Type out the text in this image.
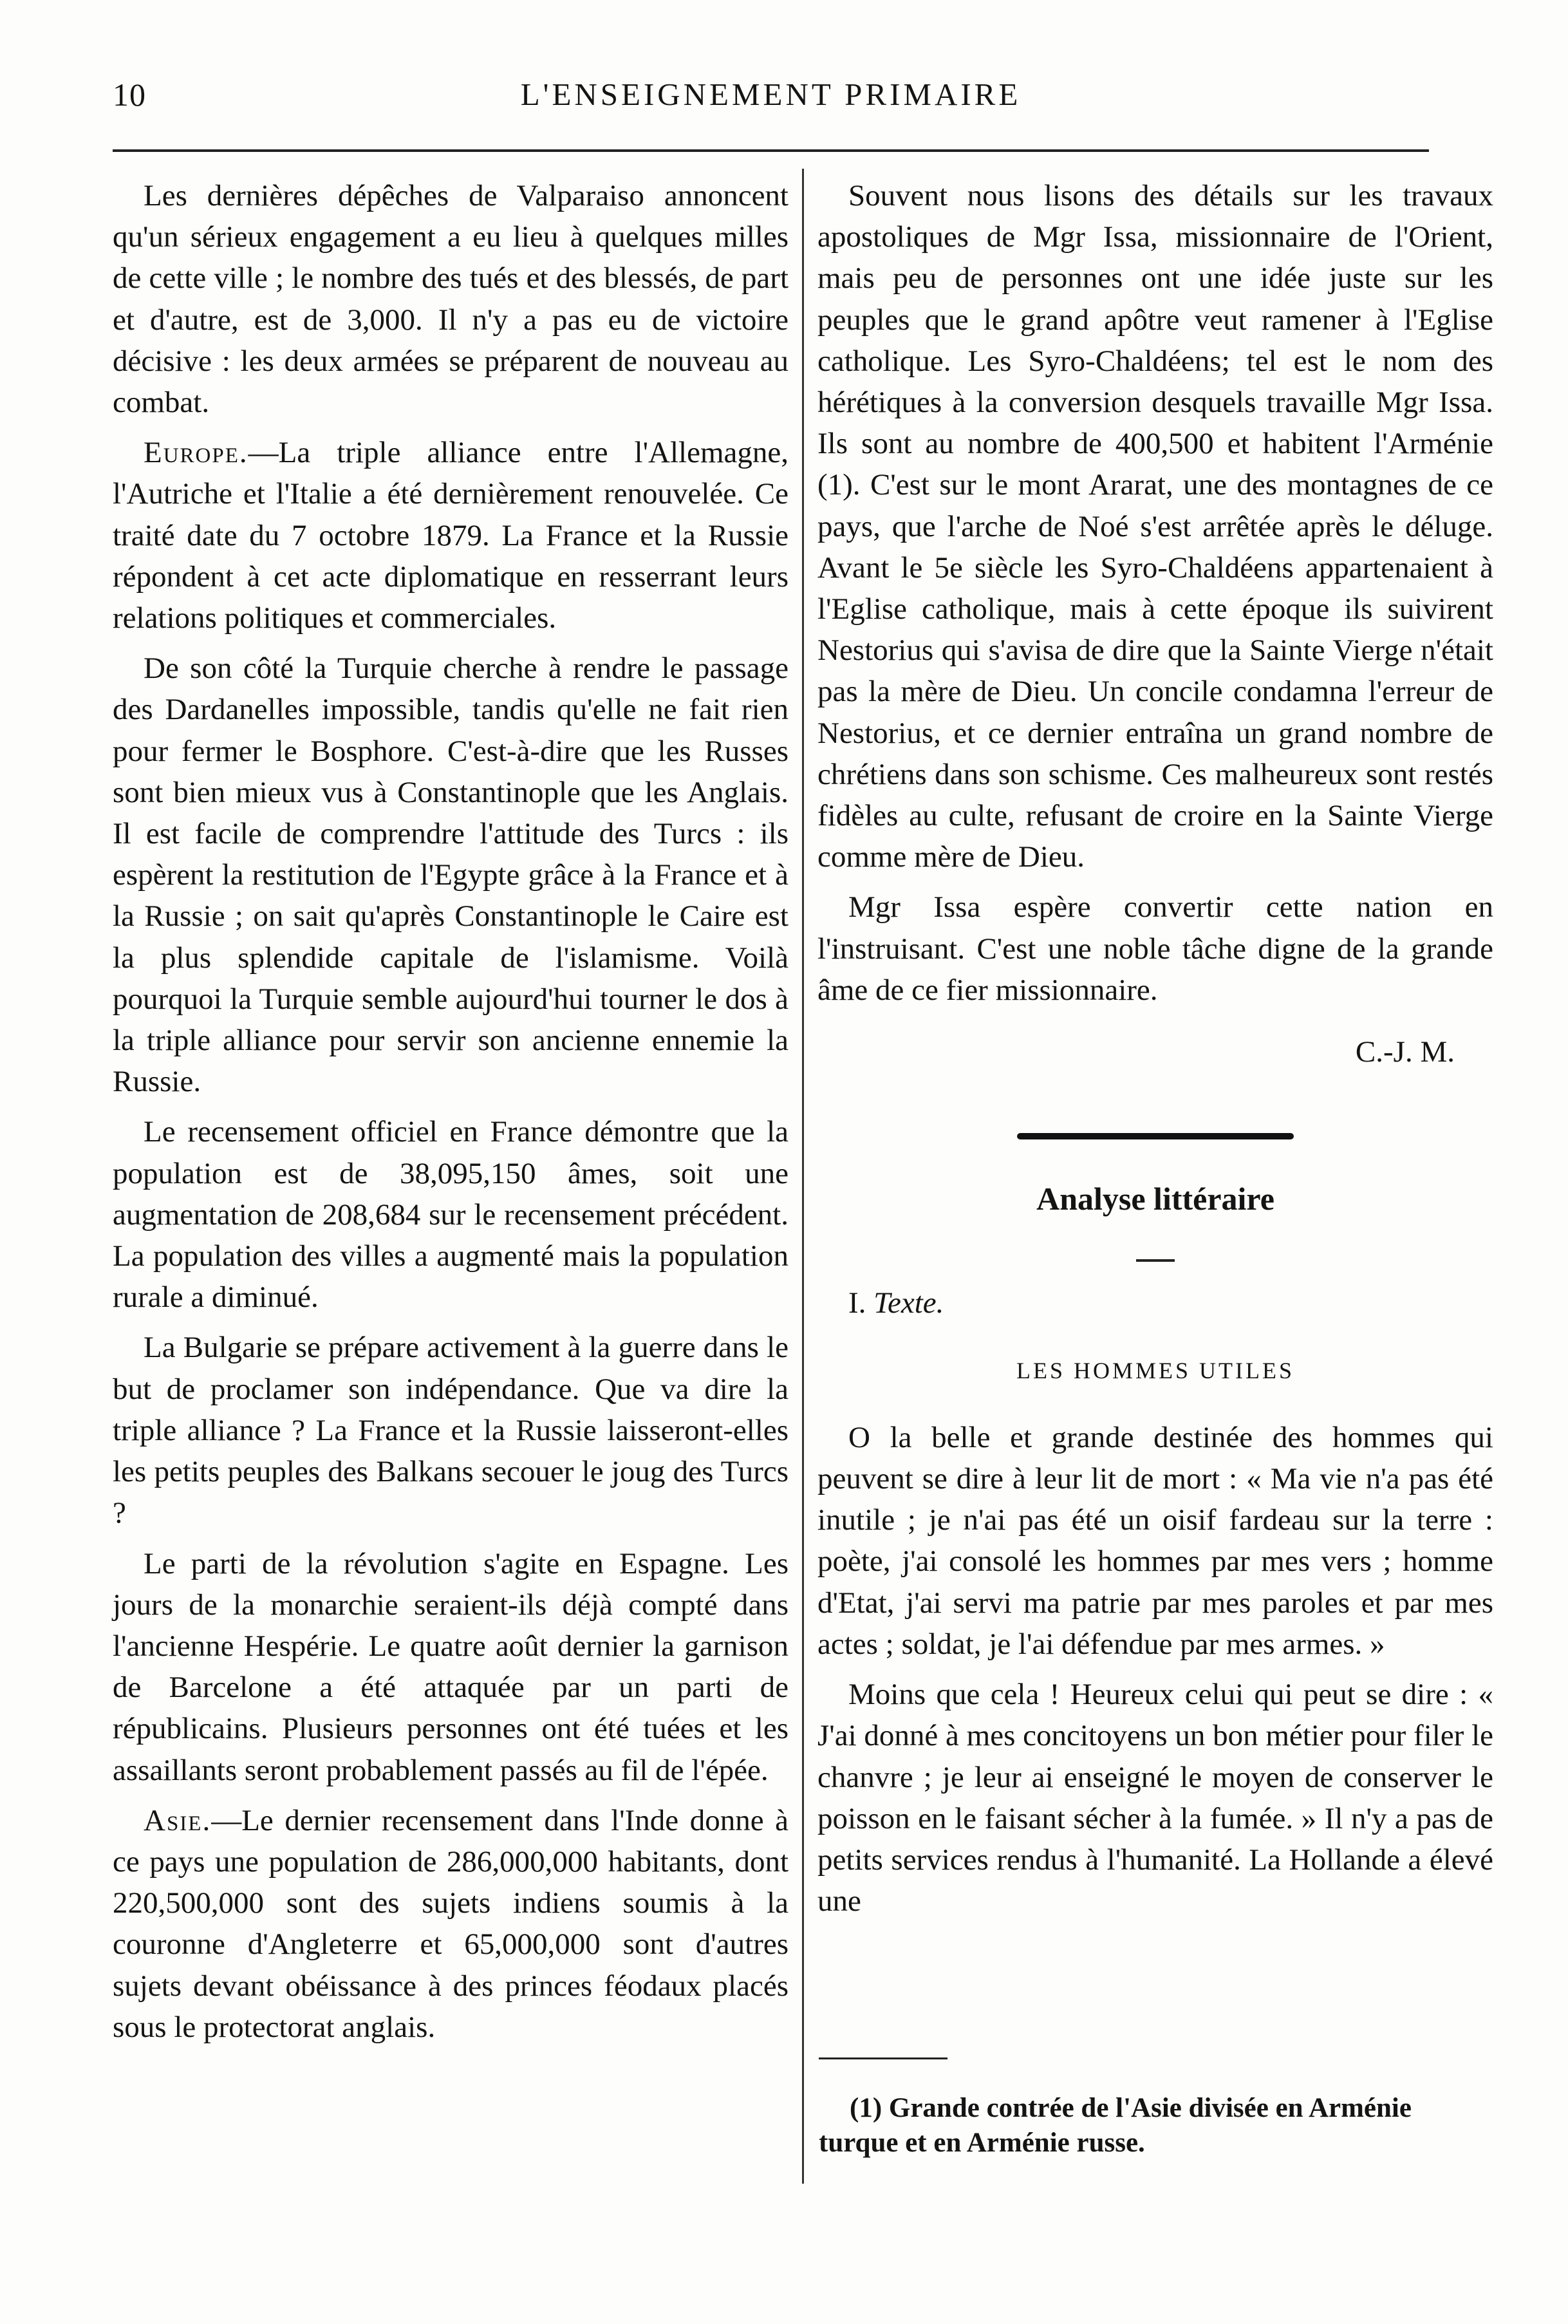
10	L'ENSEIGNEMENT PRIMAIRE

Les dernières dépêches de Valparaiso annoncent qu'un sérieux engagement a eu lieu à quelques milles de cette ville ; le nombre des tués et des blessés, de part et d'autre, est de 3,000. Il n'y a pas eu de victoire décisive : les deux armées se préparent de nouveau au combat.

Europe.—La triple alliance entre l'Allemagne, l'Autriche et l'Italie a été dernièrement renouvelée. Ce traité date du 7 octobre 1879. La France et la Russie répondent à cet acte diplomatique en resserrant leurs relations politiques et commerciales.

De son côté la Turquie cherche à rendre le passage des Dardanelles impossible, tandis qu'elle ne fait rien pour fermer le Bosphore. C'est-à-dire que les Russes sont bien mieux vus à Constantinople que les Anglais. Il est facile de comprendre l'attitude des Turcs : ils espèrent la restitution de l'Egypte grâce à la France et à la Russie ; on sait qu'après Constantinople le Caire est la plus splendide capitale de l'islamisme. Voilà pourquoi la Turquie semble aujourd'hui tourner le dos à la triple alliance pour servir son ancienne ennemie la Russie.

Le recensement officiel en France démontre que la population est de 38,095,150 âmes, soit une augmentation de 208,684 sur le recensement précédent. La population des villes a augmenté mais la population rurale a diminué.

La Bulgarie se prépare activement à la guerre dans le but de proclamer son indépendance. Que va dire la triple alliance ? La France et la Russie laisseront-elles les petits peuples des Balkans secouer le joug des Turcs ?

Le parti de la révolution s'agite en Espagne. Les jours de la monarchie seraient-ils déjà compté dans l'ancienne Hespérie. Le quatre août dernier la garnison de Barcelone a été attaquée par un parti de républicains. Plusieurs personnes ont été tuées et les assaillants seront probablement passés au fil de l'épée.

Asie.—Le dernier recensement dans l'Inde donne à ce pays une population de 286,000,000 habitants, dont 220,500,000 sont des sujets indiens soumis à la couronne d'Angleterre et 65,000,000 sont d'autres sujets devant obéissance à des princes féodaux placés sous le protectorat anglais.

Souvent nous lisons des détails sur les travaux apostoliques de Mgr Issa, missionnaire de l'Orient, mais peu de personnes ont une idée juste sur les peuples que le grand apôtre veut ramener à l'Eglise catholique. Les Syro-Chaldéens; tel est le nom des hérétiques à la conversion desquels travaille Mgr Issa. Ils sont au nombre de 400,500 et habitent l'Arménie (1). C'est sur le mont Ararat, une des montagnes de ce pays, que l'arche de Noé s'est arrêtée après le déluge. Avant le 5e siècle les Syro-Chaldéens appartenaient à l'Eglise catholique, mais à cette époque ils suivirent Nestorius qui s'avisa de dire que la Sainte Vierge n'était pas la mère de Dieu. Un concile condamna l'erreur de Nestorius, et ce dernier entraîna un grand nombre de chrétiens dans son schisme. Ces malheureux sont restés fidèles au culte, refusant de croire en la Sainte Vierge comme mère de Dieu.

Mgr Issa espère convertir cette nation en l'instruisant. C'est une noble tâche digne de la grande âme de ce fier missionnaire.

C.-J. M.

Analyse littéraire

I. Texte.

LES HOMMES UTILES

O la belle et grande destinée des hommes qui peuvent se dire à leur lit de mort : « Ma vie n'a pas été inutile ; je n'ai pas été un oisif fardeau sur la terre : poète, j'ai consolé les hommes par mes vers ; homme d'Etat, j'ai servi ma patrie par mes paroles et par mes actes ; soldat, je l'ai défendue par mes armes. »

Moins que cela ! Heureux celui qui peut se dire : « J'ai donné à mes concitoyens un bon métier pour filer le chanvre ; je leur ai enseigné le moyen de conserver le poisson en le faisant sécher à la fumée. » Il n'y a pas de petits services rendus à l'humanité. La Hollande a élevé une

(1) Grande contrée de l'Asie divisée en Arménie turque et en Arménie russe.
